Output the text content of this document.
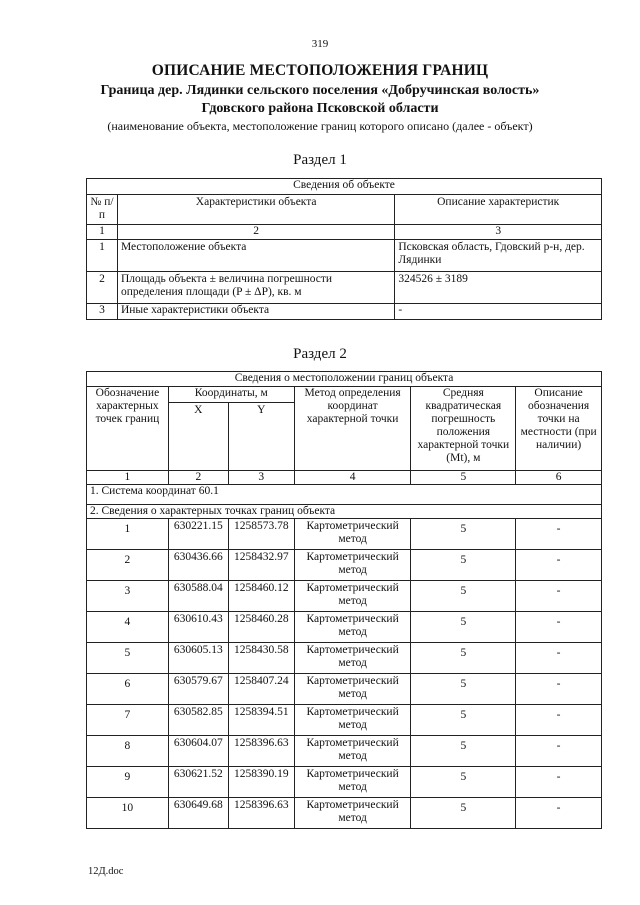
319
ОПИСАНИЕ МЕСТОПОЛОЖЕНИЯ ГРАНИЦ
Граница дер. Лядинки сельского поселения «Добручинская волость»
Гдовского района Псковской области
(наименование объекта, местоположение границ которого описано (далее - объект)
Раздел 1
Сведения об объекте		
№ п/п	Характеристики объекта	Описание характеристик
1	2	3
1	Местоположение объекта	Псковская область, Гдовский р-н, дер. Лядинки
2	Площадь объекта ± величина погрешности определения площади (P ± ΔP), кв. м	324526 ± 3189
3	Иные характеристики объекта	-
Раздел 2
Сведения о местоположении границ объекта					
Обозначение характерных точек границ	Координаты, м		Метод определения координат характерной точки	Средняя квадратическая погрешность положения характерной точки (Mt), м	Описание обозначения точки на местности (при наличии)
	X	Y			
1	2	3	4	5	6
1. Система координат 60.1					
2. Сведения о характерных точках границ объекта					
1	630221.15	1258573.78	Картометрический метод	5	-
2	630436.66	1258432.97	Картометрический метод	5	-
3	630588.04	1258460.12	Картометрический метод	5	-
4	630610.43	1258460.28	Картометрический метод	5	-
5	630605.13	1258430.58	Картометрический метод	5	-
6	630579.67	1258407.24	Картометрический метод	5	-
7	630582.85	1258394.51	Картометрический метод	5	-
8	630604.07	1258396.63	Картометрический метод	5	-
9	630621.52	1258390.19	Картометрический метод	5	-
10	630649.68	1258396.63	Картометрический метод	5	-
12Д.doc
